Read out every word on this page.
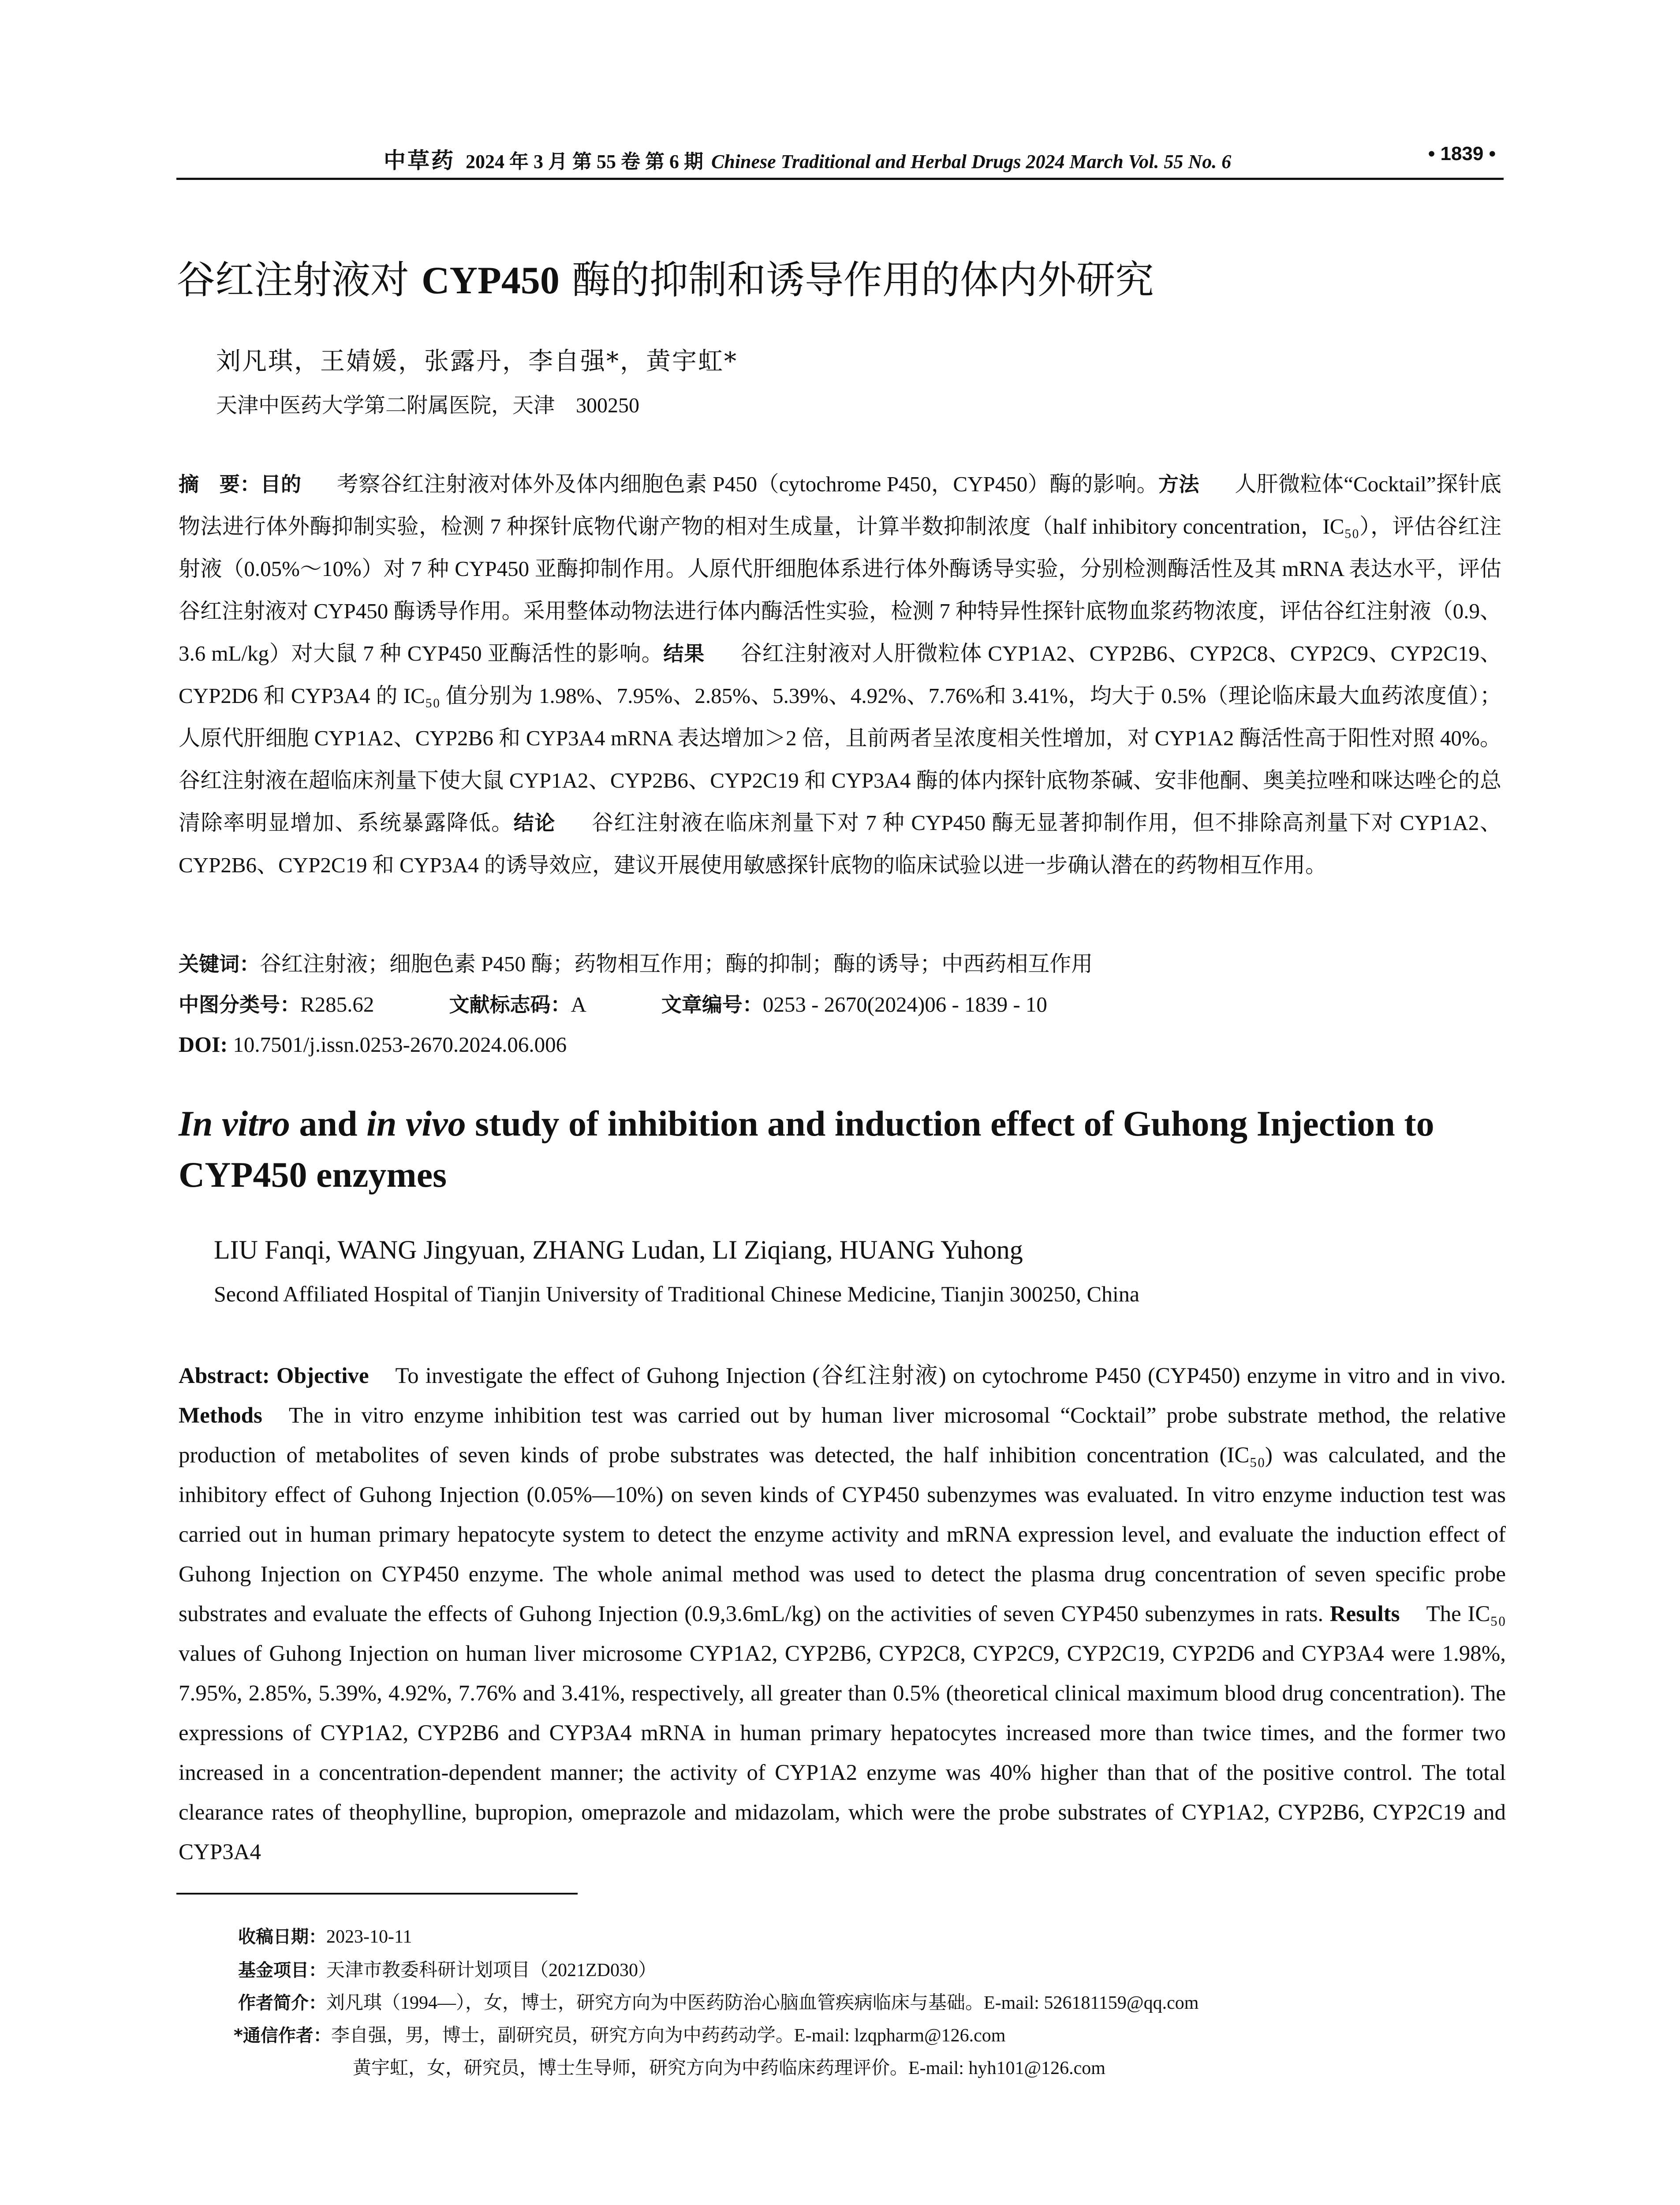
中草药 2024 年 3 月 第 55 卷 第 6 期 Chinese Traditional and Herbal Drugs 2024 March Vol. 55 No. 6	• 1839 •
谷红注射液对 CYP450 酶的抑制和诱导作用的体内外研究
刘凡琪，王婧媛，张露丹，李自强*，黄宇虹*
天津中医药大学第二附属医院，天津　300250
摘　要：目的 考察谷红注射液对体外及体内细胞色素 P450（cytochrome P450，CYP450）酶的影响。方法 人肝微粒体“Cocktail”探针底物法进行体外酶抑制实验，检测 7 种探针底物代谢产物的相对生成量，计算半数抑制浓度（half inhibitory concentration，IC₅₀），评估谷红注射液（0.05%～10%）对 7 种 CYP450 亚酶抑制作用。人原代肝细胞体系进行体外酶诱导实验，分别检测酶活性及其 mRNA 表达水平，评估谷红注射液对 CYP450 酶诱导作用。采用整体动物法进行体内酶活性实验，检测 7 种特异性探针底物血浆药物浓度，评估谷红注射液（0.9、3.6 mL/kg）对大鼠 7 种 CYP450 亚酶活性的影响。结果 谷红注射液对人肝微粒体 CYP1A2、CYP2B6、CYP2C8、CYP2C9、CYP2C19、CYP2D6 和 CYP3A4 的 IC₅₀ 值分别为 1.98%、7.95%、2.85%、5.39%、4.92%、7.76%和 3.41%，均大于 0.5%（理论临床最大血药浓度值）；人原代肝细胞 CYP1A2、CYP2B6 和 CYP3A4 mRNA 表达增加＞2 倍，且前两者呈浓度相关性增加，对 CYP1A2 酶活性高于阳性对照 40%。谷红注射液在超临床剂量下使大鼠 CYP1A2、CYP2B6、CYP2C19 和 CYP3A4 酶的体内探针底物茶碱、安非他酮、奥美拉唑和咪达唑仑的总清除率明显增加、系统暴露降低。结论 谷红注射液在临床剂量下对 7 种 CYP450 酶无显著抑制作用，但不排除高剂量下对 CYP1A2、CYP2B6、CYP2C19 和 CYP3A4 的诱导效应，建议开展使用敏感探针底物的临床试验以进一步确认潜在的药物相互作用。
关键词：谷红注射液；细胞色素 P450 酶；药物相互作用；酶的抑制；酶的诱导；中西药相互作用
中图分类号：R285.62	文献标志码：A	文章编号：0253 - 2670(2024)06 - 1839 - 10
DOI: 10.7501/j.issn.0253-2670.2024.06.006
In vitro and in vivo study of inhibition and induction effect of Guhong Injection to CYP450 enzymes
LIU Fanqi, WANG Jingyuan, ZHANG Ludan, LI Ziqiang, HUANG Yuhong
Second Affiliated Hospital of Tianjin University of Traditional Chinese Medicine, Tianjin 300250, China
Abstract: Objective To investigate the effect of Guhong Injection (谷红注射液) on cytochrome P450 (CYP450) enzyme in vitro and in vivo. Methods The in vitro enzyme inhibition test was carried out by human liver microsomal “Cocktail” probe substrate method, the relative production of metabolites of seven kinds of probe substrates was detected, the half inhibition concentration (IC₅₀) was calculated, and the inhibitory effect of Guhong Injection (0.05%—10%) on seven kinds of CYP450 subenzymes was evaluated. In vitro enzyme induction test was carried out in human primary hepatocyte system to detect the enzyme activity and mRNA expression level, and evaluate the induction effect of Guhong Injection on CYP450 enzyme. The whole animal method was used to detect the plasma drug concentration of seven specific probe substrates and evaluate the effects of Guhong Injection (0.9,3.6mL/kg) on the activities of seven CYP450 subenzymes in rats. Results The IC₅₀ values of Guhong Injection on human liver microsome CYP1A2, CYP2B6, CYP2C8, CYP2C9, CYP2C19, CYP2D6 and CYP3A4 were 1.98%, 7.95%, 2.85%, 5.39%, 4.92%, 7.76% and 3.41%, respectively, all greater than 0.5% (theoretical clinical maximum blood drug concentration). The expressions of CYP1A2, CYP2B6 and CYP3A4 mRNA in human primary hepatocytes increased more than twice times, and the former two increased in a concentration-dependent manner; the activity of CYP1A2 enzyme was 40% higher than that of the positive control. The total clearance rates of theophylline, bupropion, omeprazole and midazolam, which were the probe substrates of CYP1A2, CYP2B6, CYP2C19 and CYP3A4
收稿日期：2023-10-11
基金项目：天津市教委科研计划项目（2021ZD030）
作者简介：刘凡琪（1994—），女，博士，研究方向为中医药防治心脑血管疾病临床与基础。E-mail: 526181159@qq.com
*通信作者：李自强，男，博士，副研究员，研究方向为中药药动学。E-mail: lzqpharm@126.com
黄宇虹，女，研究员，博士生导师，研究方向为中药临床药理评价。E-mail: hyh101@126.com
